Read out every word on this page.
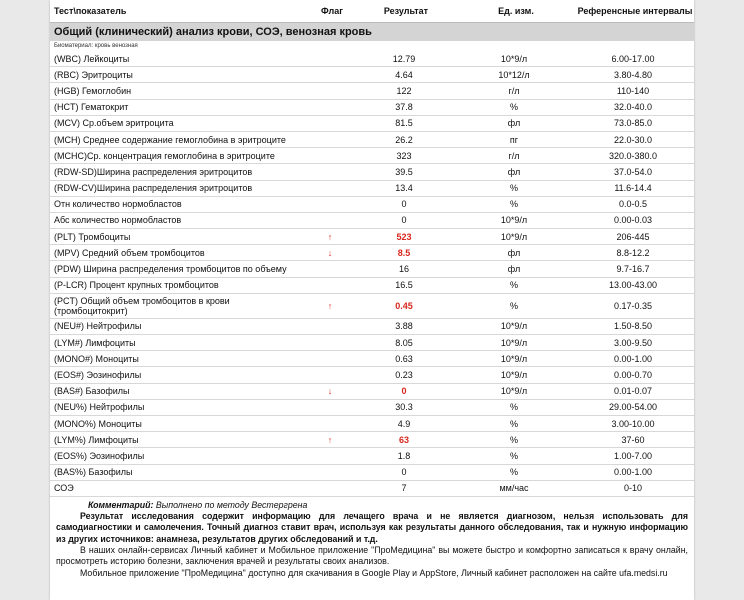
Тест\показатель	Флаг	Результат	Ед. изм.	Референсные интервалы
Общий (клинический) анализ крови, СОЭ, венозная кровь				
Биоматериал: кровь венозная				
(WBC) Лейкоциты		12.79	10*9/л	6.00-17.00
(RBC) Эритроциты		4.64	10*12/л	3.80-4.80
(HGB) Гемоглобин		122	г/л	110-140
(HCT) Гематокрит		37.8	%	32.0-40.0
(MCV) Ср.объем эритроцита		81.5	фл	73.0-85.0
(MCH) Среднее содержание гемоглобина в эритроците		26.2	пг	22.0-30.0
(MCHC)Ср. концентрация гемоглобина в эритроците		323	г/л	320.0-380.0
(RDW-SD)Ширина распределения эритроцитов		39.5	фл	37.0-54.0
(RDW-CV)Ширина распределения эритроцитов		13.4	%	11.6-14.4
Отн количество нормобластов		0	%	0.0-0.5
Абс количество нормобластов		0	10*9/л	0.00-0.03
(PLT) Тромбоциты	↑	523	10*9/л	206-445
(MPV) Средний объем тромбоцитов	↓	8.5	фл	8.8-12.2
(PDW) Ширина распределения тромбоцитов по объему		16	фл	9.7-16.7
(P-LCR) Процент крупных тромбоцитов		16.5	%	13.00-43.00

(PCT) Общий объем тромбоцитов в крови
(тромбоцитокрит)	↑	0.45	%	0.17-0.35
(NEU#) Нейтрофилы		3.88	10*9/л	1.50-8.50
(LYM#) Лимфоциты		8.05	10*9/л	3.00-9.50
(MONO#) Моноциты		0.63	10*9/л	0.00-1.00
(EOS#) Эозинофилы		0.23	10*9/л	0.00-0.70
(BAS#) Базофилы	↓	0	10*9/л	0.01-0.07
(NEU%) Нейтрофилы		30.3	%	29.00-54.00
(MONO%) Моноциты		4.9	%	3.00-10.00
(LYM%) Лимфоциты	↑	63	%	37-60
(EOS%) Эозинофилы		1.8	%	1.00-7.00
(BAS%) Базофилы		0	%	0.00-1.00
СОЭ		7	мм/час	0-10
Комментарий: Выполнено по методу Вестергрена

Результат исследования содержит информацию для лечащего врача и не является диагнозом, нельзя использовать для самодиагностики и самолечения. Точный диагноз ставит врач, используя как результаты данного обследования, так и нужную информацию из других источников: анамнеза, результатов других обследований и т.д.

В наших онлайн-сервисах Личный кабинет и Мобильное приложение "ПроМедицина" вы можете быстро и комфортно записаться к врачу онлайн, просмотреть историю болезни, заключения врачей и результаты своих анализов.

Мобильное приложение "ПроМедицина" доступно для скачивания в Google Play и AppStore, Личный кабинет расположен на сайте ufa.medsi.ru
